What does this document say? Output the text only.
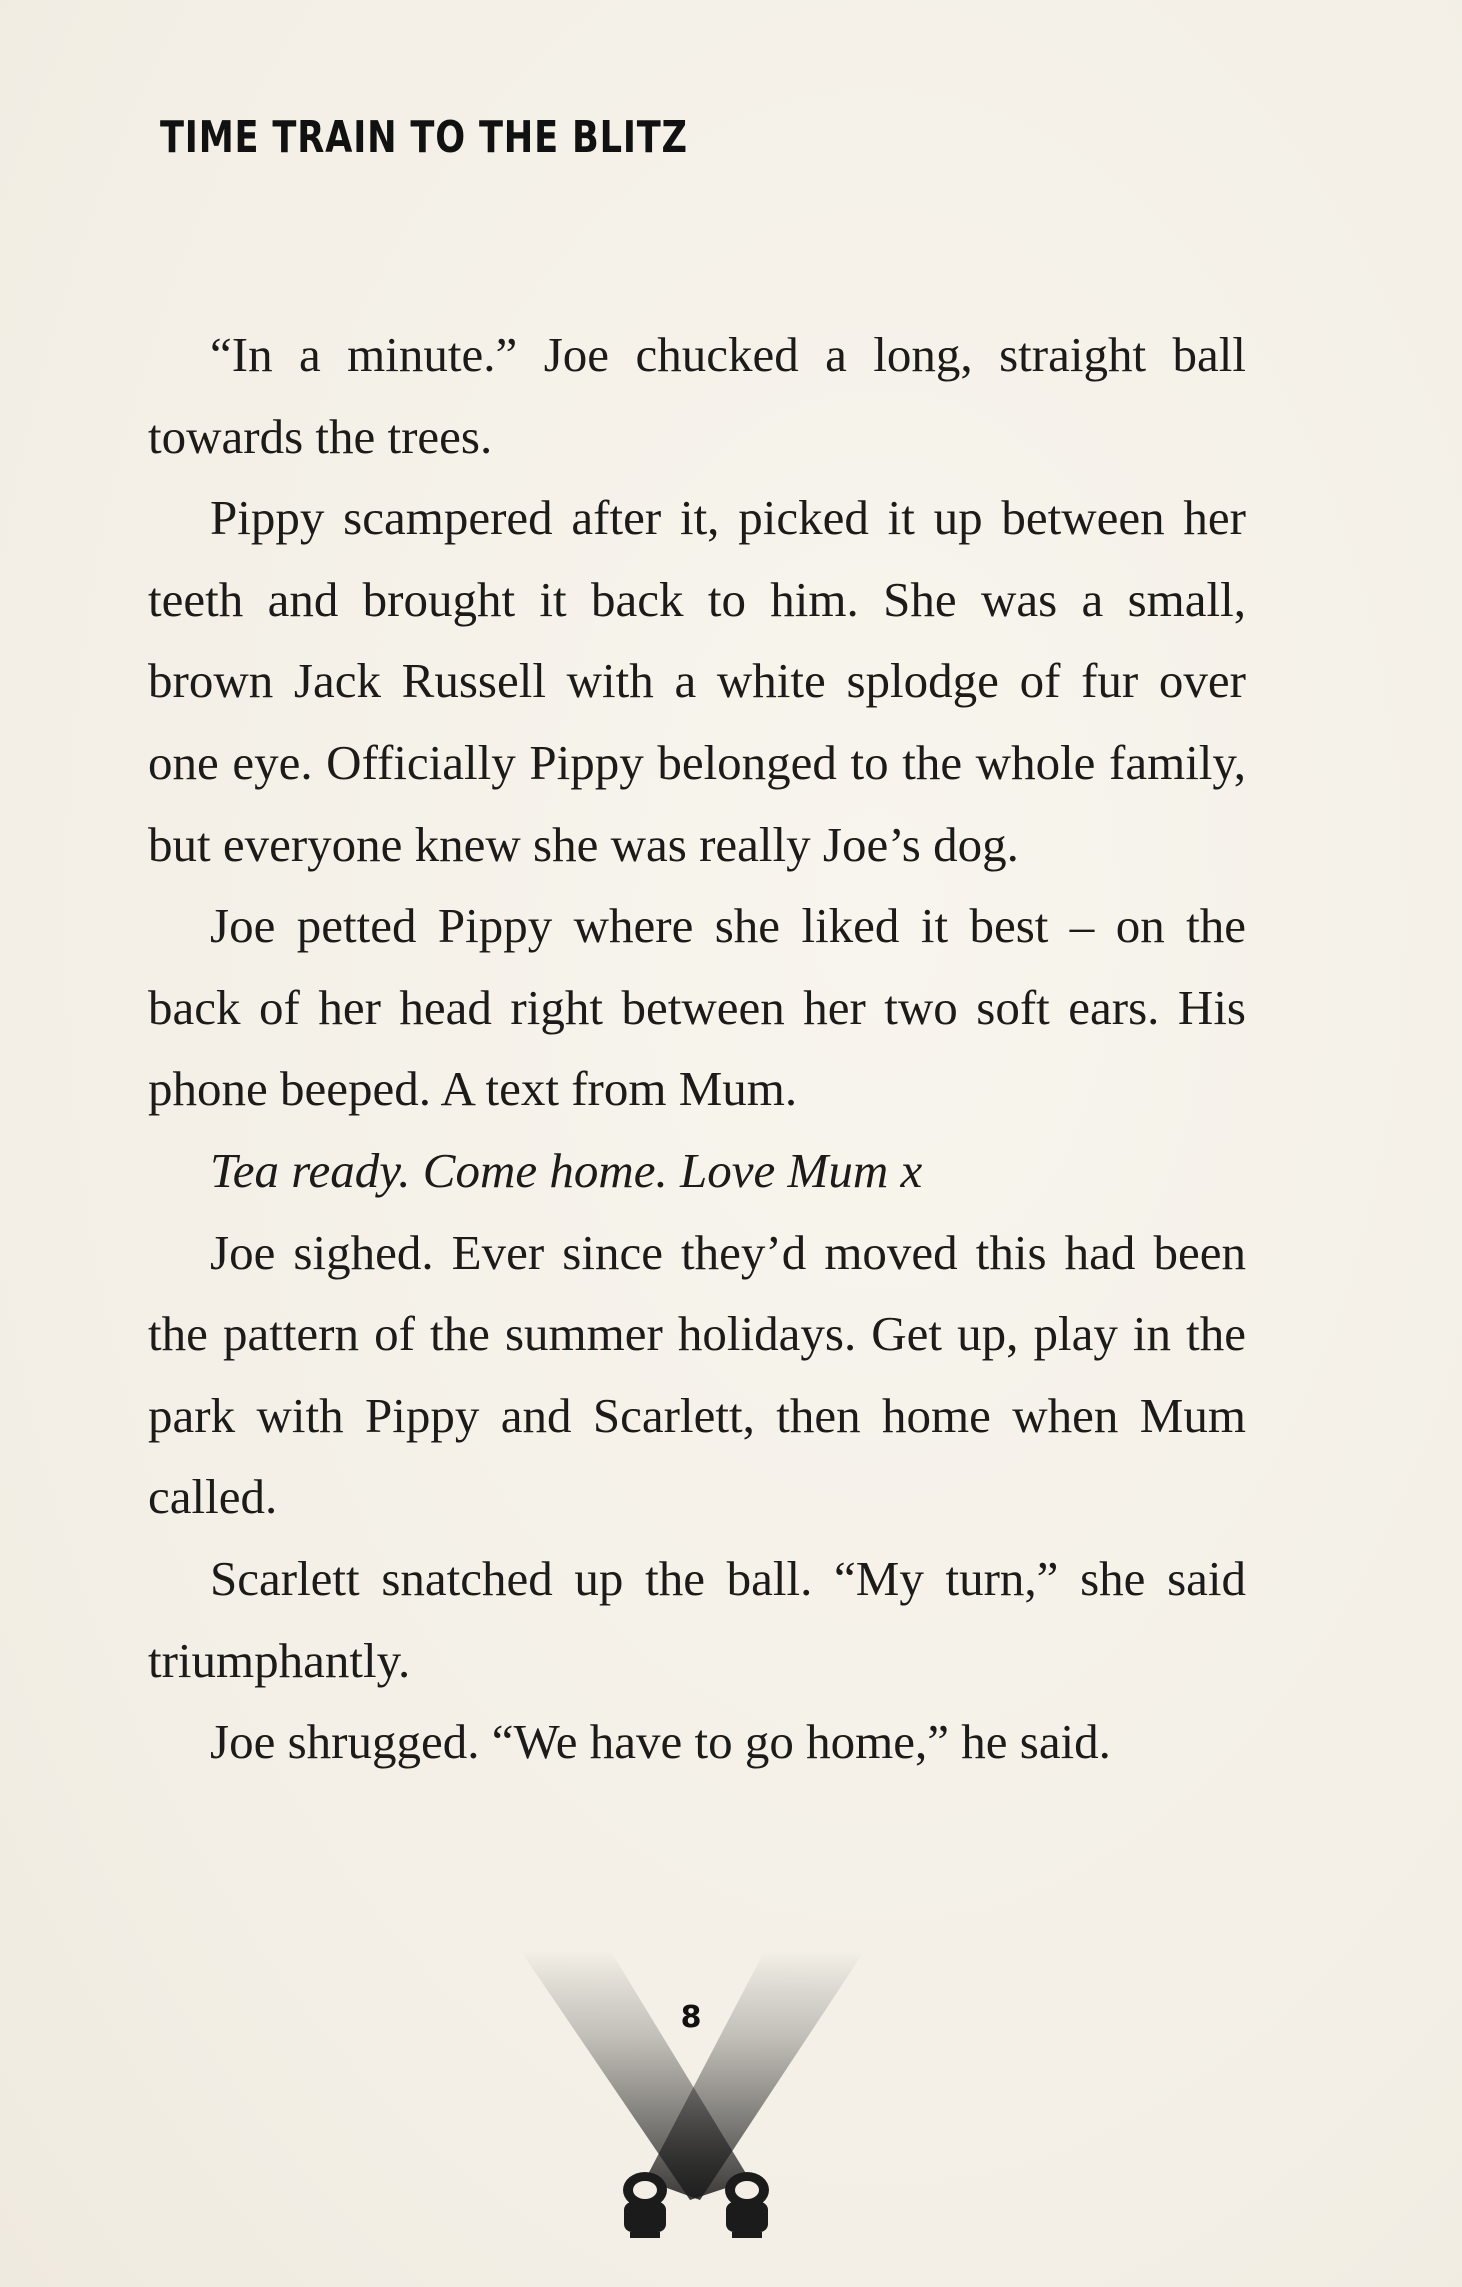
TIME TRAIN TO THE BLITZ

“In a minute.” Joe chucked a long, straight ball towards the trees.

Pippy scampered after it, picked it up between her teeth and brought it back to him. She was a small, brown Jack Russell with a white splodge of fur over one eye. Officially Pippy belonged to the whole family, but everyone knew she was really Joe’s dog.

Joe petted Pippy where she liked it best – on the back of her head right between her two soft ears. His phone beeped. A text from Mum.

Tea ready. Come home. Love Mum x

Joe sighed. Ever since they’d moved this had been the pattern of the summer holidays. Get up, play in the park with Pippy and Scarlett, then home when Mum called.

Scarlett snatched up the ball. “My turn,” she said triumphantly.

Joe shrugged. “We have to go home,” he said.

8
